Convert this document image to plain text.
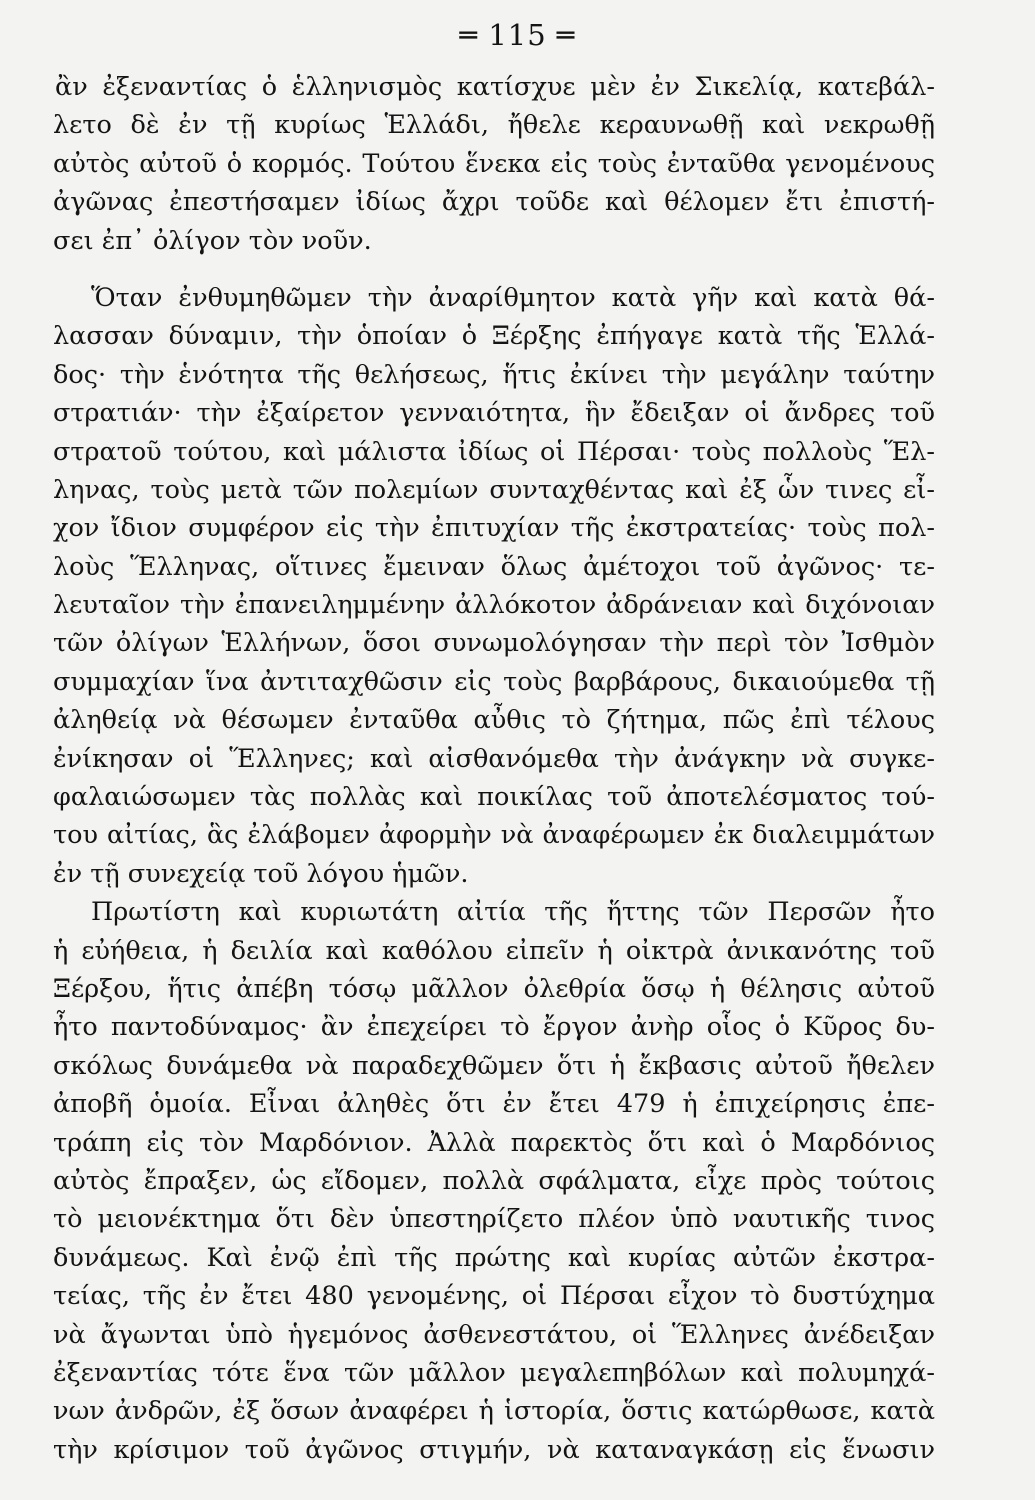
═ 115 ═
ἂν ἐξεναντίας ὁ ἑλληνισμὸς κατίσχυε μὲν ἐν Σικελίᾳ, κατεβάλ-
λετο δὲ ἐν τῇ κυρίως Ἑλλάδι, ἤθελε κεραυνωθῇ καὶ νεκρωθῇ
αὐτὸς αὐτοῦ ὁ κορμός. Τούτου ἕνεκα εἰς τοὺς ἐνταῦθα γενομένους
ἀγῶνας ἐπεστήσαμεν ἰδίως ἄχρι τοῦδε καὶ θέλομεν ἔτι ἐπιστή-
σει ἐπ᾽ ὀλίγον τὸν νοῦν.
Ὅταν ἐνθυμηθῶμεν τὴν ἀναρίθμητον κατὰ γῆν καὶ κατὰ θά-
λασσαν δύναμιν, τὴν ὁποίαν ὁ Ξέρξης ἐπήγαγε κατὰ τῆς Ἑλλά-
δος· τὴν ἑνότητα τῆς θελήσεως, ἥτις ἐκίνει τὴν μεγάλην ταύτην
στρατιάν· τὴν ἐξαίρετον γενναιότητα, ἣν ἔδειξαν οἱ ἄνδρες τοῦ
στρατοῦ τούτου, καὶ μάλιστα ἰδίως οἱ Πέρσαι· τοὺς πολλοὺς Ἕλ-
ληνας, τοὺς μετὰ τῶν πολεμίων συνταχθέντας καὶ ἐξ ὧν τινες εἶ-
χον ἴδιον συμφέρον εἰς τὴν ἐπιτυχίαν τῆς ἐκστρατείας· τοὺς πολ-
λοὺς Ἕλληνας, οἵτινες ἔμειναν ὅλως ἀμέτοχοι τοῦ ἀγῶνος· τε-
λευταῖον τὴν ἐπανειλημμένην ἀλλόκοτον ἀδράνειαν καὶ διχόνοιαν
τῶν ὀλίγων Ἑλλήνων, ὅσοι συνωμολόγησαν τὴν περὶ τὸν Ἰσθμὸν
συμμαχίαν ἵνα ἀντιταχθῶσιν εἰς τοὺς βαρβάρους, δικαιούμεθα τῇ
ἀληθείᾳ νὰ θέσωμεν ἐνταῦθα αὖθις τὸ ζήτημα, πῶς ἐπὶ τέλους
ἐνίκησαν οἱ Ἕλληνες; καὶ αἰσθανόμεθα τὴν ἀνάγκην νὰ συγκε-
φαλαιώσωμεν τὰς πολλὰς καὶ ποικίλας τοῦ ἀποτελέσματος τού-
του αἰτίας, ἃς ἐλάβομεν ἀφορμὴν νὰ ἀναφέρωμεν ἐκ διαλειμμάτων
ἐν τῇ συνεχείᾳ τοῦ λόγου ἡμῶν.
Πρωτίστη καὶ κυριωτάτη αἰτία τῆς ἥττης τῶν Περσῶν ἦτο
ἡ εὐήθεια, ἡ δειλία καὶ καθόλου εἰπεῖν ἡ οἰκτρὰ ἀνικανότης τοῦ
Ξέρξου, ἥτις ἀπέβη τόσῳ μᾶλλον ὀλεθρία ὅσῳ ἡ θέλησις αὐτοῦ
ἦτο παντοδύναμος· ἂν ἐπεχείρει τὸ ἔργον ἀνὴρ οἷος ὁ Κῦρος δυ-
σκόλως δυνάμεθα νὰ παραδεχθῶμεν ὅτι ἡ ἔκβασις αὐτοῦ ἤθελεν
ἀποβῆ ὁμοία. Εἶναι ἀληθὲς ὅτι ἐν ἔτει 479 ἡ ἐπιχείρησις ἐπε-
τράπη εἰς τὸν Μαρδόνιον. Ἀλλὰ παρεκτὸς ὅτι καὶ ὁ Μαρδόνιος
αὐτὸς ἔπραξεν, ὡς εἴδομεν, πολλὰ σφάλματα, εἶχε πρὸς τούτοις
τὸ μειονέκτημα ὅτι δὲν ὑπεστηρίζετο πλέον ὑπὸ ναυτικῆς τινος
δυνάμεως. Καὶ ἐνῷ ἐπὶ τῆς πρώτης καὶ κυρίας αὐτῶν ἐκστρα-
τείας, τῆς ἐν ἔτει 480 γενομένης, οἱ Πέρσαι εἶχον τὸ δυστύχημα
νὰ ἄγωνται ὑπὸ ἡγεμόνος ἀσθενεστάτου, οἱ Ἕλληνες ἀνέδειξαν
ἐξεναντίας τότε ἕνα τῶν μᾶλλον μεγαλεπηβόλων καὶ πολυμηχά-
νων ἀνδρῶν, ἐξ ὅσων ἀναφέρει ἡ ἱστορία, ὅστις κατώρθωσε, κατὰ
τὴν κρίσιμον τοῦ ἀγῶνος στιγμήν, νὰ καταναγκάσῃ εἰς ἕνωσιν
